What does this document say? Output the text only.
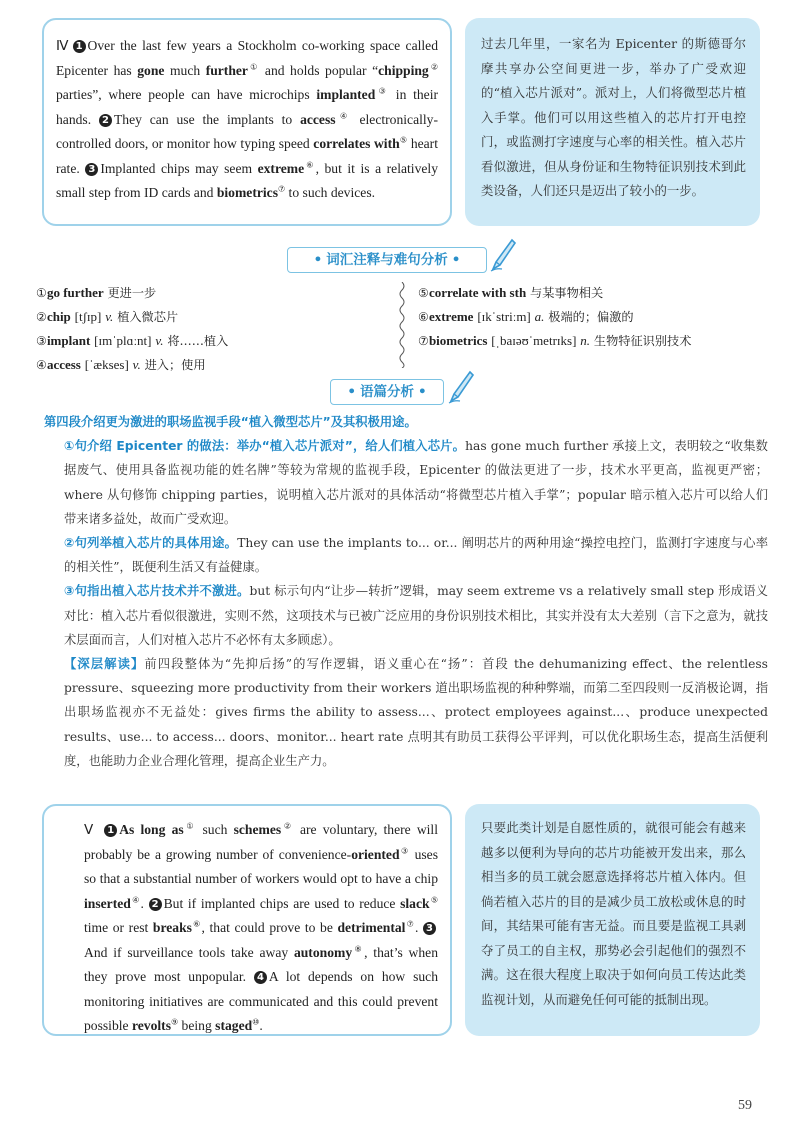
Ⅳ 1 Over the last few years a Stockholm co-working space called Epicenter has gone much further① and holds popular “chipping② parties”, where people can have microchips implanted③ in their hands. 2 They can use the implants to access④ electronically-controlled doors, or monitor how typing speed correlates with⑤ heart rate. 3 Implanted chips may seem extreme⑥, but it is a relatively small step from ID cards and biometrics⑦ to such devices.
过去几年里，一家名为 Epicenter 的斯德哥尔摩共享办公空间更进一步，举办了广受欢迎的“植入芯片派对”。派对上，人们将微型芯片植入手掌。他们可以用这些植入的芯片打开电控门，或监测打字速度与心率的相关性。植入芯片看似激进，但从身份证和生物特征识别技术到此类设备，人们还只是迈出了较小的一步。
• 词汇注释与难句分析 •
①go further 更进一步
②chip [tʃɪp] v. 植入微芯片
③implant [ɪmˈplɑːnt] v. 将……植入
④access [ˈækses] v. 进入；使用
⑤correlate with sth 与某事物相关
⑥extreme [ɪkˈstriːm] a. 极端的；偏激的
⑦biometrics [ˌbaɪəʊˈmetrɪks] n. 生物特征识别技术
• 语篇分析 •

第四段介绍更为激进的职场监视手段“植入微型芯片”及其积极用途。

①句介绍 Epicenter 的做法：举办“植入芯片派对”，给人们植入芯片。has gone much further 承接上文，表明较之“收集数据废气、使用具备监视功能的姓名牌”等较为常规的监视手段，Epicenter 的做法更进了一步，技术水平更高，监视更严密；where 从句修饰 chipping parties，说明植入芯片派对的具体活动“将微型芯片植入手掌”；popular 暗示植入芯片可以给人们带来诸多益处，故而广受欢迎。

②句列举植入芯片的具体用途。They can use the implants to... or... 阐明芯片的两种用途“操控电控门，监测打字速度与心率的相关性”，既便利生活又有益健康。

③句指出植入芯片技术并不激进。but 标示句内“让步—转折”逻辑，may seem extreme vs a relatively small step 形成语义对比：植入芯片看似很激进，实则不然，这项技术与已被广泛应用的身份识别技术相比，其实并没有太大差别（言下之意为，就技术层面而言，人们对植入芯片不必怀有太多顾虑）。

【深层解读】前四段整体为“先抑后扬”的写作逻辑，语义重心在“扬”：首段 the dehumanizing effect、the relentless pressure、squeezing more productivity from their workers 道出职场监视的种种弊端，而第二至四段则一反消极论调，指出职场监视亦不无益处：gives firms the ability to assess...、protect employees against...、produce unexpected results、use... to access... doors、monitor... heart rate 点明其有助员工获得公平评判，可以优化职场生态，提高生活便利度，也能助力企业合理化管理，提高企业生产力。

Ⅴ 1 As long as① such schemes② are voluntary, there will probably be a growing number of convenience-oriented③ uses so that a substantial number of workers would opt to have a chip inserted④. 2 But if implanted chips are used to reduce slack⑤ time or rest breaks⑥, that could prove to be detrimental⑦. 3And if surveillance tools take away autonomy⑧, that’s when they prove most unpopular. 4 A lot depends on how such monitoring initiatives are communicated and this could prevent possible revolts⑨ being staged⑩.
只要此类计划是自愿性质的，就很可能会有越来越多以便利为导向的芯片功能被开发出来，那么相当多的员工就会愿意选择将芯片植入体内。但倘若植入芯片的目的是减少员工放松或休息的时间，其结果可能有害无益。而且要是监视工具剥夺了员工的自主权，那势必会引起他们的强烈不满。这在很大程度上取决于如何向员工传达此类监视计划，从而避免任何可能的抵制出现。
59
